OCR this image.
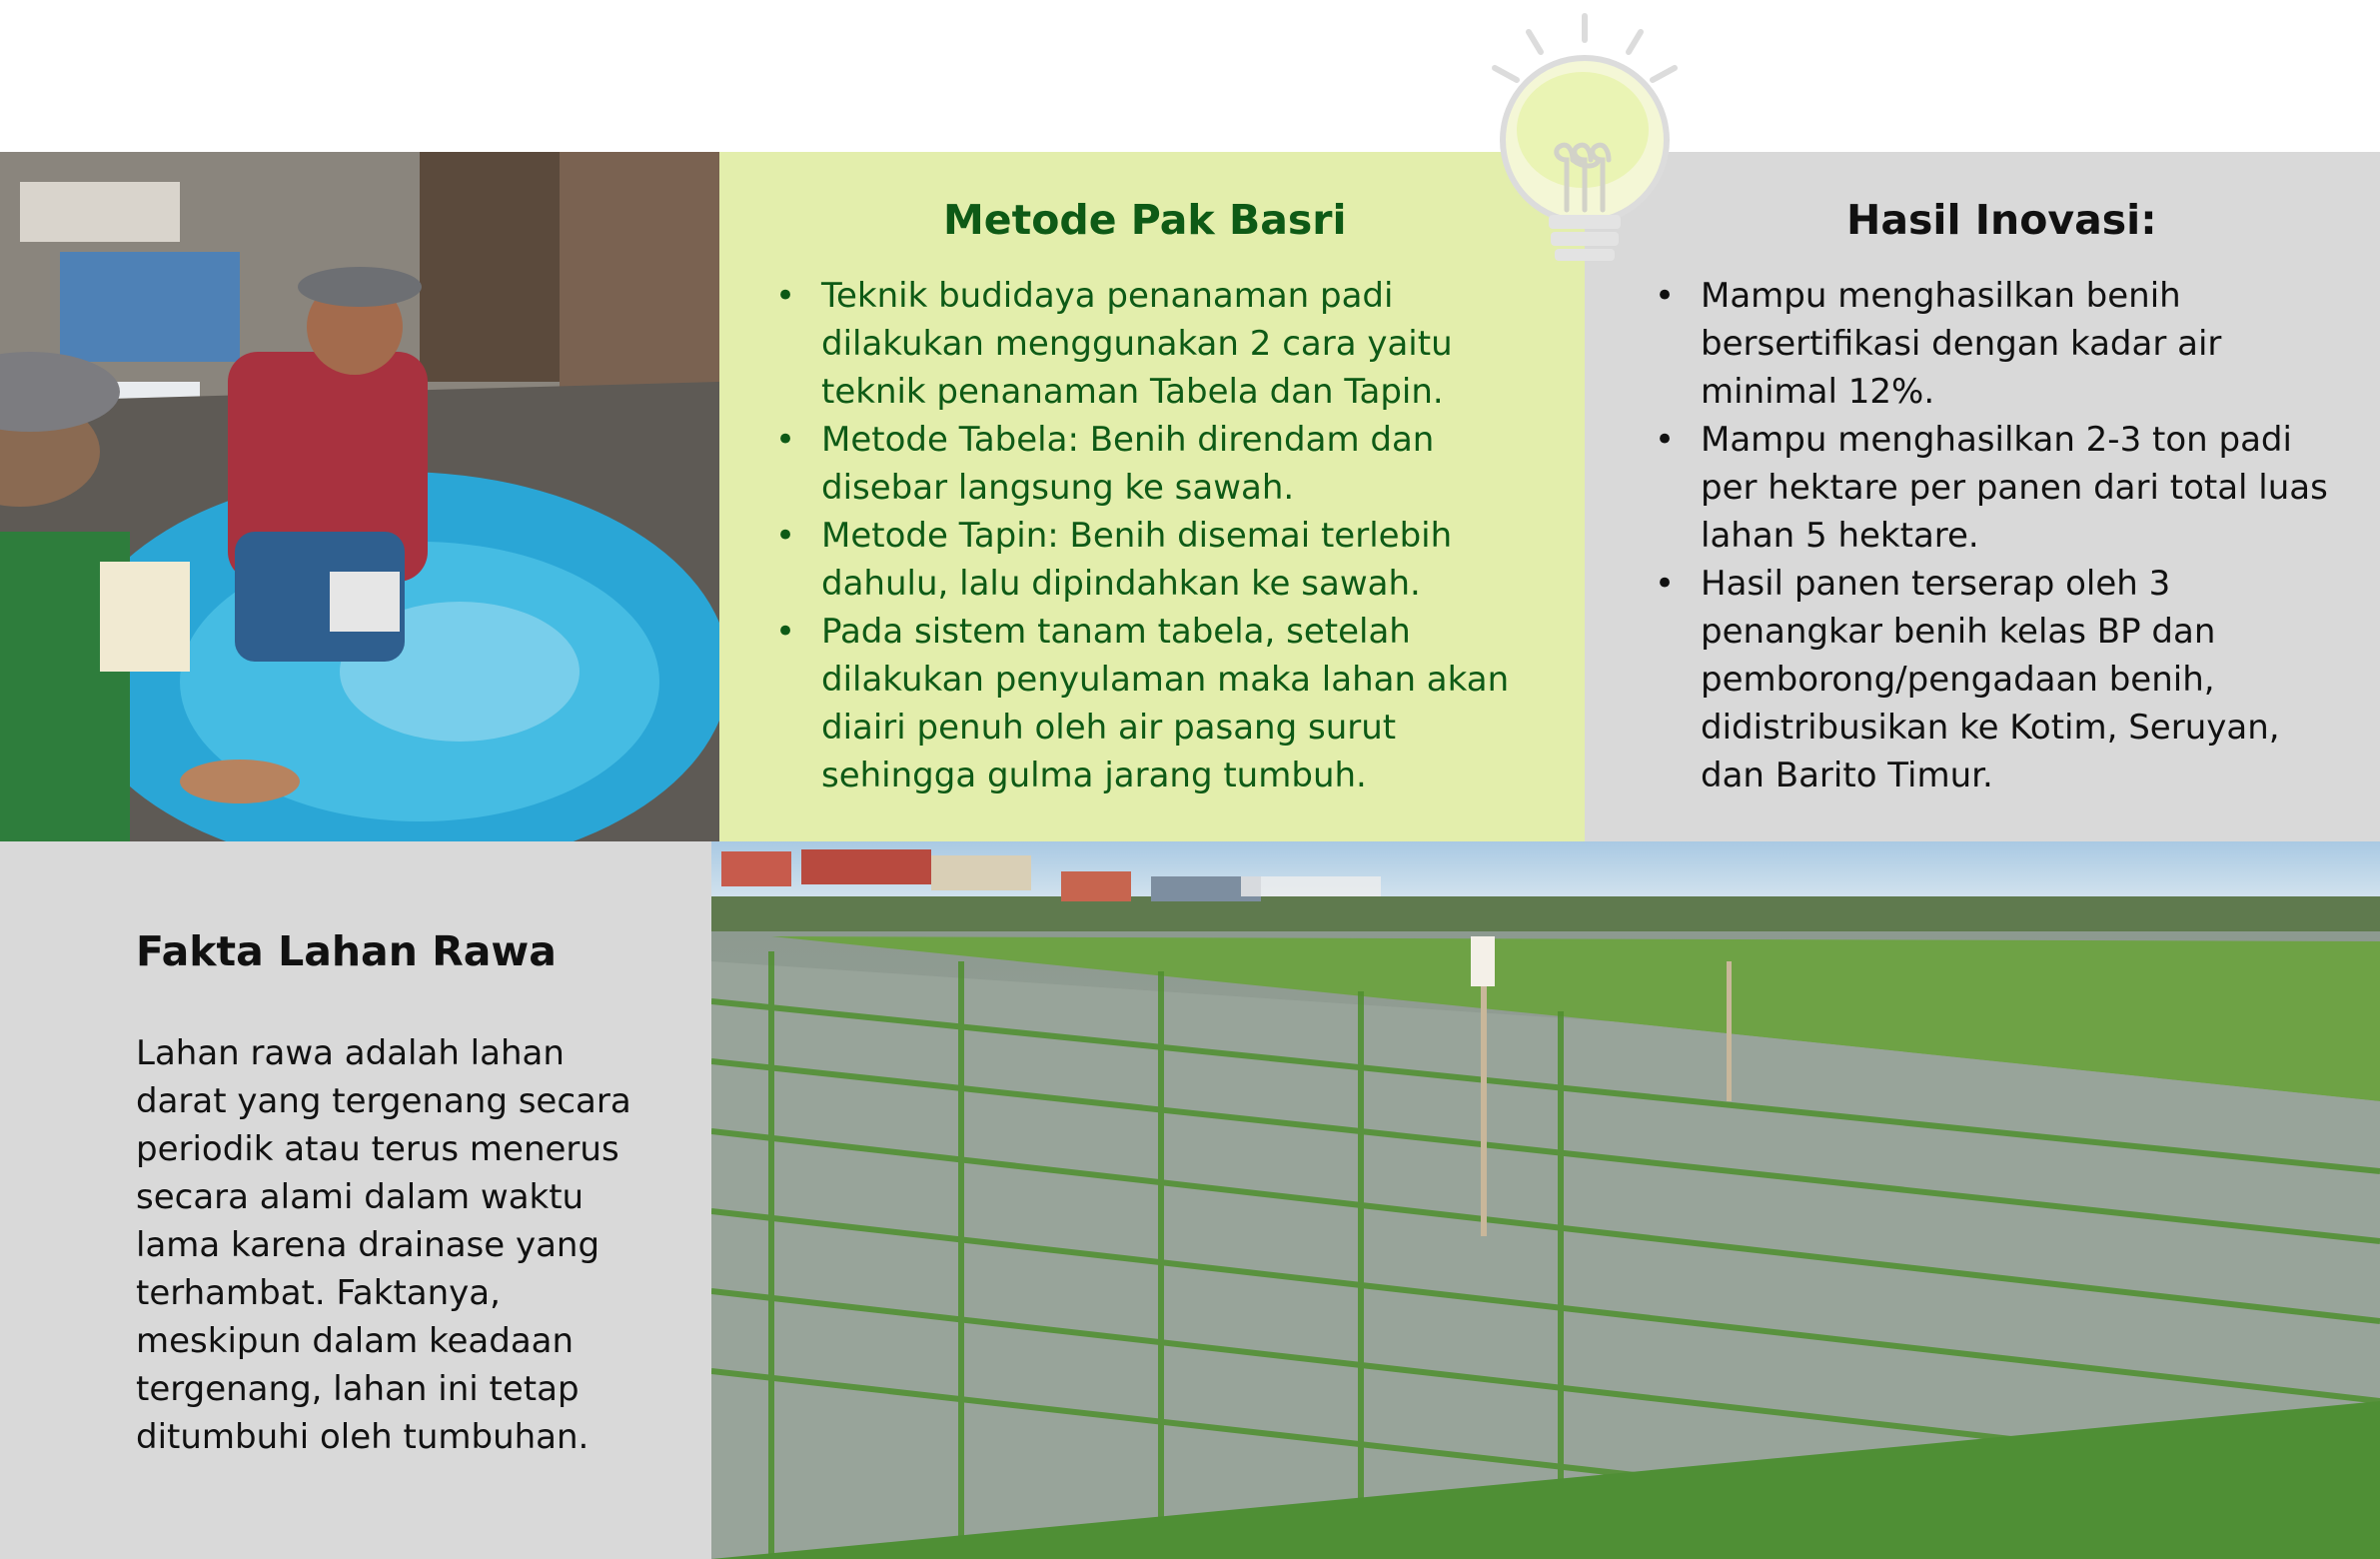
Metode Pak Basri
• Teknik budidaya penanaman padi dilakukan menggunakan 2 cara yaitu teknik penanaman Tabela dan Tapin.
• Metode Tabela: Benih direndam dan disebar langsung ke sawah.
• Metode Tapin: Benih disemai terlebih dahulu, lalu dipindahkan ke sawah.
• Pada sistem tanam tabela, setelah dilakukan penyulaman maka lahan akan diairi penuh oleh air pasang surut sehingga gulma jarang tumbuh.
Hasil Inovasi:
• Mampu menghasilkan benih bersertifikasi dengan kadar air minimal 12%.
• Mampu menghasilkan 2-3 ton padi per hektare per panen dari total luas lahan 5 hektare.
• Hasil panen terserap oleh 3 penangkar benih kelas BP dan pemborong/pengadaan benih, didistribusikan ke Kotim, Seruyan, dan Barito Timur.
Fakta Lahan Rawa

Lahan rawa adalah lahan darat yang tergenang secara periodik atau terus menerus secara alami dalam waktu lama karena drainase yang terhambat. Faktanya, meskipun dalam keadaan tergenang, lahan ini tetap ditumbuhi oleh tumbuhan.
